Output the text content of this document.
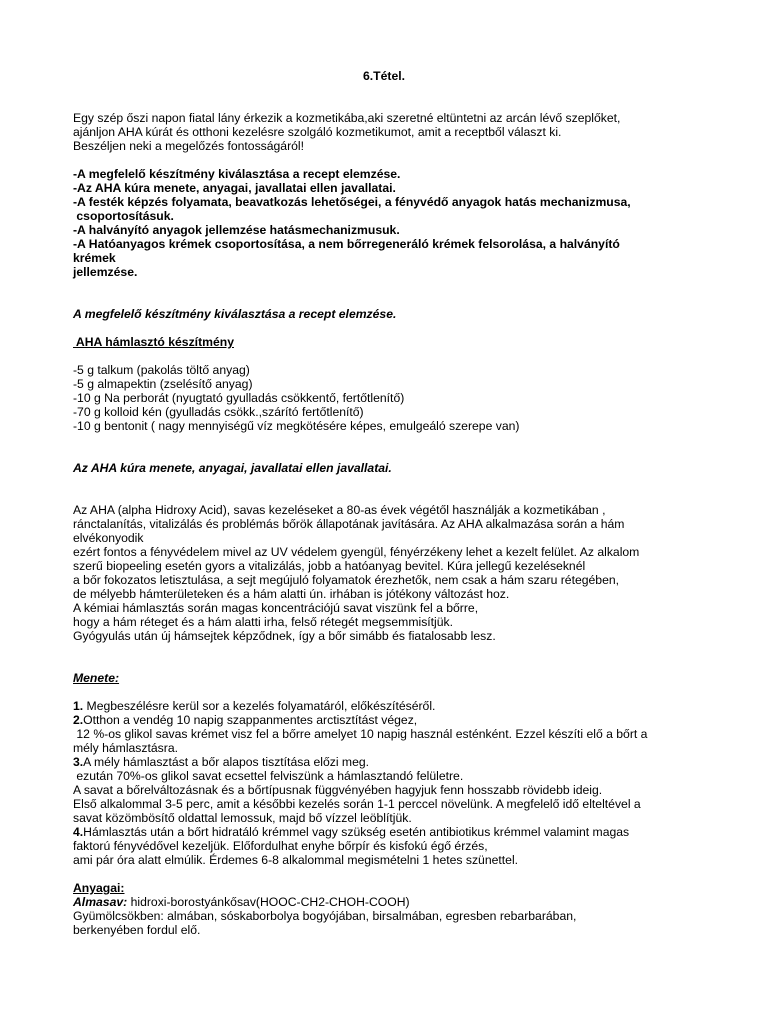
6.Tétel.
Egy szép őszi napon fiatal lány érkezik a kozmetikába,aki szeretné eltüntetni az arcán lévő szeplőket,
ajánljon AHA kúrát és otthoni kezelésre szolgáló kozmetikumot, amit a receptből választ ki.
Beszéljen neki a megelőzés fontosságáról!
-A megfelelő készítmény kiválasztása a recept elemzése.
-Az AHA kúra menete, anyagai, javallatai ellen javallatai.
-A festék képzés folyamata, beavatkozás lehetőségei, a fényvédő anyagok hatás mechanizmusa,
csoportosításuk.
-A halványító anyagok jellemzése hatásmechanizmusuk.
-A Hatóanyagos krémek csoportosítása, a nem bőrregeneráló krémek felsorolása, a halványító
krémek
jellemzése.
A megfelelő készítmény kiválasztása a recept elemzése.
AHA hámlasztó készítmény
-5 g talkum (pakolás töltő anyag)
-5 g almapektin (zselésítő anyag)
-10 g Na perborát (nyugtató gyulladás csökkentő, fertőtlenítő)
-70 g kolloid kén (gyulladás csökk.,szárító fertőtlenítő)
-10 g bentonit ( nagy mennyiségű víz megkötésére képes, emulgeáló szerepe van)
Az AHA kúra menete, anyagai, javallatai ellen javallatai.
Az AHA (alpha Hidroxy Acid), savas kezeléseket a 80-as évek végétől használják a kozmetikában ,
ránctalanítás, vitalizálás és problémás bőrök állapotának javítására. Az AHA alkalmazása során a hám
elvékonyodik
ezért fontos a fényvédelem mivel az UV védelem gyengül, fényérzékeny lehet a kezelt felület. Az alkalom
szerű biopeeling esetén gyors a vitalizálás, jobb a hatóanyag bevitel. Kúra jellegű kezeléseknél
a bőr fokozatos letisztulása, a sejt megújuló folyamatok érezhetők, nem csak a hám szaru rétegében,
de mélyebb hámterületeken és a hám alatti ún. irhában is jótékony változást hoz.
A kémiai hámlasztás során magas koncentrációjú savat viszünk fel a bőrre,
hogy a hám réteget és a hám alatti irha, felső rétegét megsemmisítjük.
Gyógyulás után új hámsejtek képződnek, így a bőr simább és fiatalosabb lesz.
Menete:
1. Megbeszélésre kerül sor a kezelés folyamatáról, előkészítéséről.
2.Otthon a vendég 10 napig szappanmentes arctisztítást végez,
12 %-os glikol savas krémet visz fel a bőrre amelyet 10 napig használ esténként. Ezzel készíti elő a bőrt a
mély hámlasztásra.
3.A mély hámlasztást a bőr alapos tisztítása előzi meg.
ezután 70%-os glikol savat ecsettel felviszünk a hámlasztandó felületre.
A savat a bőrelváltozásnak és a bőrtípusnak függvényében hagyjuk fenn hosszabb rövidebb ideig.
Első alkalommal 3-5 perc, amit a későbbi kezelés során 1-1 perccel növelünk. A megfelelő idő elteltével a
savat közömbösítő oldattal lemossuk, majd bő vízzel leöblítjük.
4.Hámlasztás után a bőrt hidratáló krémmel vagy szükség esetén antibiotikus krémmel valamint magas
faktorú fényvédővel kezeljük. Előfordulhat enyhe bőrpír és kisfokú égő érzés,
ami pár óra alatt elmúlik. Érdemes 6-8 alkalommal megismételni 1 hetes szünettel.
Anyagai:
Almasav: hidroxi-borostyánkősav(HOOC-CH2-CHOH-COOH)
Gyümölcsökben: almában, sóskaborbolya bogyójában, birsalmában, egresben rebarbarában,
berkenyében fordul elő.
